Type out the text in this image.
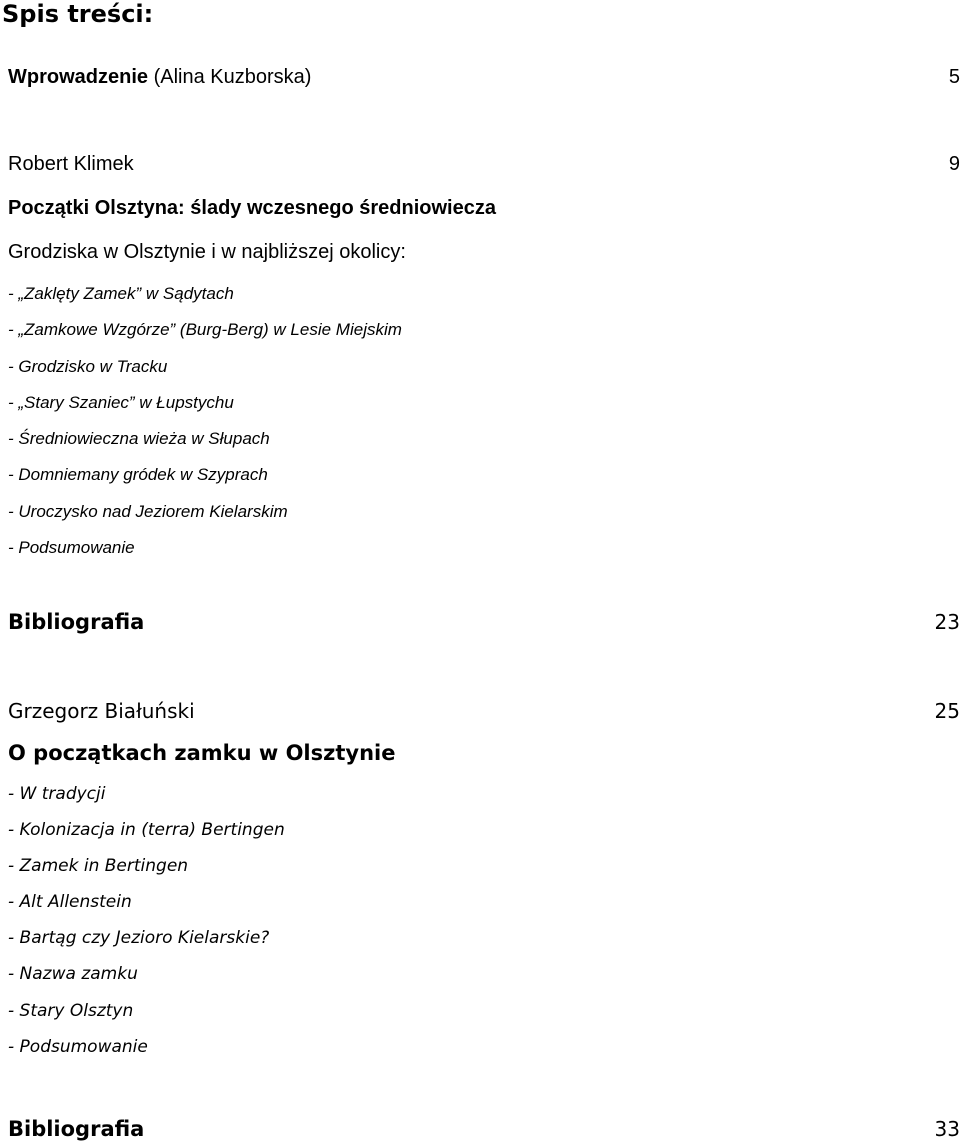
Spis treści:
Wprowadzenie (Alina Kuzborska)	5
Robert Klimek	9
Początki Olsztyna: ślady wczesnego średniowiecza
Grodziska w Olsztynie i w najbliższej okolicy:
- „Zaklęty Zamek” w Sądytach
- „Zamkowe Wzgórze” (Burg-Berg) w Lesie Miejskim
- Grodzisko w Tracku
- „Stary Szaniec” w Łupstychu
- Średniowieczna wieża w Słupach
- Domniemany gródek w Szyprach
- Uroczysko nad Jeziorem Kielarskim
- Podsumowanie
Bibliografia	23
Grzegorz Białuński	25
O początkach zamku w Olsztynie
- W tradycji
- Kolonizacja in (terra) Bertingen
- Zamek in Bertingen
- Alt Allenstein
- Bartąg czy Jezioro Kielarskie?
- Nazwa zamku
- Stary Olsztyn
- Podsumowanie
Bibliografia	33
